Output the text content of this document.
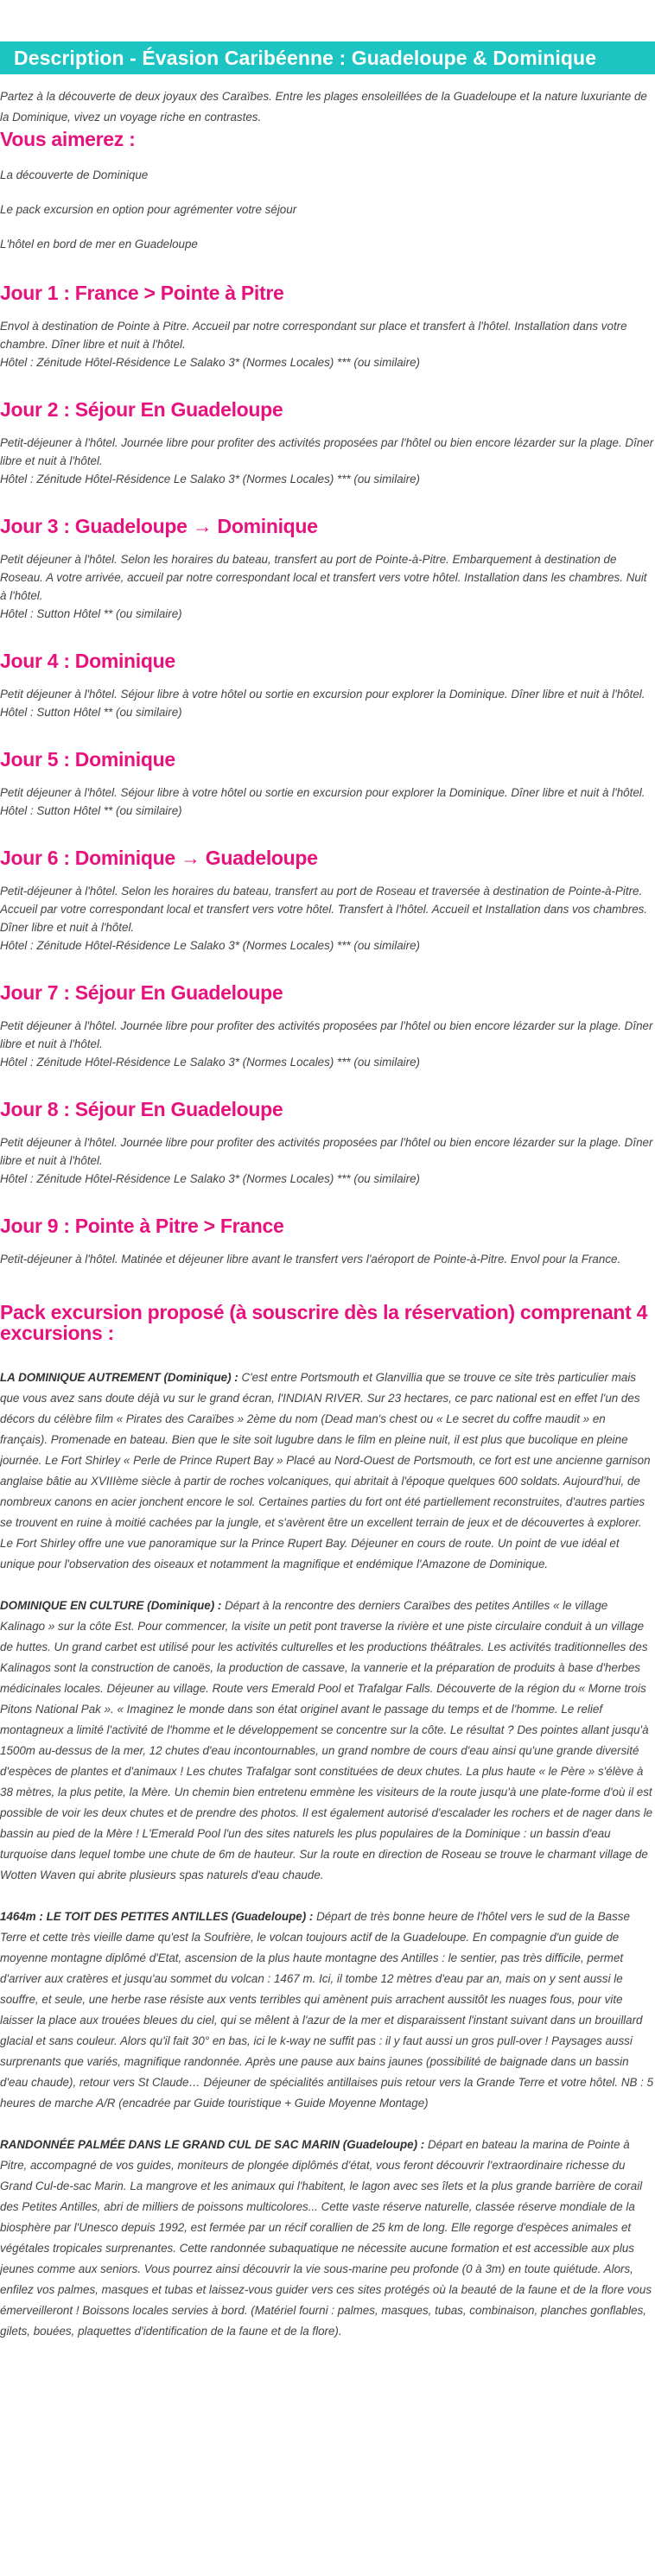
Description - Évasion Caribéenne : Guadeloupe & Dominique

Partez à la découverte de deux joyaux des Caraïbes. Entre les plages ensoleillées de la Guadeloupe et la nature luxuriante de la Dominique, vivez un voyage riche en contrastes.

Vous aimerez :
La découverte de Dominique
Le pack excursion en option pour agrémenter votre séjour
L'hôtel en bord de mer en Guadeloupe
Jour 1 : France > Pointe à Pitre

Envol à destination de Pointe à Pitre. Accueil par notre correspondant sur place et transfert à l'hôtel. Installation dans votre chambre. Dîner libre et nuit à l'hôtel.

Hôtel : Zénitude Hôtel-Résidence Le Salako 3* (Normes Locales) *** (ou similaire)

Jour 2 : Séjour En Guadeloupe

Petit-déjeuner à l'hôtel. Journée libre pour profiter des activités proposées par l'hôtel ou bien encore lézarder sur la plage. Dîner libre et nuit à l'hôtel.

Hôtel : Zénitude Hôtel-Résidence Le Salako 3* (Normes Locales) *** (ou similaire)

Jour 3 : Guadeloupe → Dominique

Petit déjeuner à l'hôtel. Selon les horaires du bateau, transfert au port de Pointe-à-Pitre. Embarquement à destination de Roseau. A votre arrivée, accueil par notre correspondant local et transfert vers votre hôtel. Installation dans les chambres. Nuit à l'hôtel.

Hôtel : Sutton Hôtel ** (ou similaire)

Jour 4 : Dominique

Petit déjeuner à l'hôtel. Séjour libre à votre hôtel ou sortie en excursion pour explorer la Dominique. Dîner libre et nuit à l'hôtel.

Hôtel : Sutton Hôtel ** (ou similaire)

Jour 5 : Dominique

Petit déjeuner à l'hôtel. Séjour libre à votre hôtel ou sortie en excursion pour explorer la Dominique. Dîner libre et nuit à l'hôtel.

Hôtel : Sutton Hôtel ** (ou similaire)

Jour 6 : Dominique → Guadeloupe

Petit-déjeuner à l'hôtel. Selon les horaires du bateau, transfert au port de Roseau et traversée à destination de Pointe-à-Pitre. Accueil par votre correspondant local et transfert vers votre hôtel. Transfert à l'hôtel. Accueil et Installation dans vos chambres. Dîner libre et nuit à l'hôtel.

Hôtel : Zénitude Hôtel-Résidence Le Salako 3* (Normes Locales) *** (ou similaire)

Jour 7 : Séjour En Guadeloupe

Petit déjeuner à l'hôtel. Journée libre pour profiter des activités proposées par l'hôtel ou bien encore lézarder sur la plage. Dîner libre et nuit à l'hôtel.

Hôtel : Zénitude Hôtel-Résidence Le Salako 3* (Normes Locales) *** (ou similaire)

Jour 8 : Séjour En Guadeloupe

Petit déjeuner à l'hôtel. Journée libre pour profiter des activités proposées par l'hôtel ou bien encore lézarder sur la plage. Dîner libre et nuit à l'hôtel.

Hôtel : Zénitude Hôtel-Résidence Le Salako 3* (Normes Locales) *** (ou similaire)

Jour 9 : Pointe à Pitre > France

Petit-déjeuner à l'hôtel. Matinée et déjeuner libre avant le transfert vers l'aéroport de Pointe-à-Pitre. Envol pour la France.

Pack excursion proposé (à souscrire dès la réservation) comprenant 4 excursions :

LA DOMINIQUE AUTREMENT (Dominique) : C'est entre Portsmouth et Glanvillia que se trouve ce site très particulier mais que vous avez sans doute déjà vu sur le grand écran, l'INDIAN RIVER. Sur 23 hectares, ce parc national est en effet l'un des décors du célèbre film « Pirates des Caraïbes » 2ème du nom (Dead man's chest ou « Le secret du coffre maudit » en français). Promenade en bateau. Bien que le site soit lugubre dans le film en pleine nuit, il est plus que bucolique en pleine journée. Le Fort Shirley « Perle de Prince Rupert Bay » Placé au Nord-Ouest de Portsmouth, ce fort est une ancienne garnison anglaise bâtie au XVIIIème siècle à partir de roches volcaniques, qui abritait à l'époque quelques 600 soldats. Aujourd'hui, de nombreux canons en acier jonchent encore le sol. Certaines parties du fort ont été partiellement reconstruites, d'autres parties se trouvent en ruine à moitié cachées par la jungle, et s'avèrent être un excellent terrain de jeux et de découvertes à explorer. Le Fort Shirley offre une vue panoramique sur la Prince Rupert Bay. Déjeuner en cours de route. Un point de vue idéal et unique pour l'observation des oiseaux et notamment la magnifique et endémique l'Amazone de Dominique.

DOMINIQUE EN CULTURE (Dominique) : Départ à la rencontre des derniers Caraïbes des petites Antilles « le village Kalinago » sur la côte Est. Pour commencer, la visite un petit pont traverse la rivière et une piste circulaire conduit à un village de huttes. Un grand carbet est utilisé pour les activités culturelles et les productions théâtrales. Les activités traditionnelles des Kalinagos sont la construction de canoës, la production de cassave, la vannerie et la préparation de produits à base d'herbes médicinales locales. Déjeuner au village. Route vers Emerald Pool et Trafalgar Falls. Découverte de la région du « Morne trois Pitons National Pak ». « Imaginez le monde dans son état originel avant le passage du temps et de l'homme. Le relief montagneux a limité l'activité de l'homme et le développement se concentre sur la côte. Le résultat ? Des pointes allant jusqu'à 1500m au-dessus de la mer, 12 chutes d'eau incontournables, un grand nombre de cours d'eau ainsi qu'une grande diversité d'espèces de plantes et d'animaux ! Les chutes Trafalgar sont constituées de deux chutes. La plus haute « le Père » s'élève à 38 mètres, la plus petite, la Mère. Un chemin bien entretenu emmène les visiteurs de la route jusqu'à une plate-forme d'où il est possible de voir les deux chutes et de prendre des photos. Il est également autorisé d'escalader les rochers et de nager dans le bassin au pied de la Mère ! L'Emerald Pool l'un des sites naturels les plus populaires de la Dominique : un bassin d'eau turquoise dans lequel tombe une chute de 6m de hauteur. Sur la route en direction de Roseau se trouve le charmant village de Wotten Waven qui abrite plusieurs spas naturels d'eau chaude.

1464m : LE TOIT DES PETITES ANTILLES (Guadeloupe) : Départ de très bonne heure de l'hôtel vers le sud de la Basse Terre et cette très vieille dame qu'est la Soufrière, le volcan toujours actif de la Guadeloupe. En compagnie d'un guide de moyenne montagne diplômé d'Etat, ascension de la plus haute montagne des Antilles : le sentier, pas très difficile, permet d'arriver aux cratères et jusqu'au sommet du volcan : 1467 m. Ici, il tombe 12 mètres d'eau par an, mais on y sent aussi le souffre, et seule, une herbe rase résiste aux vents terribles qui amènent puis arrachent aussitôt les nuages fous, pour vite laisser la place aux trouées bleues du ciel, qui se mêlent à l'azur de la mer et disparaissent l'instant suivant dans un brouillard glacial et sans couleur. Alors qu'il fait 30° en bas, ici le k-way ne suffit pas : il y faut aussi un gros pull-over ! Paysages aussi surprenants que variés, magnifique randonnée. Après une pause aux bains jaunes (possibilité de baignade dans un bassin d'eau chaude), retour vers St Claude… Déjeuner de spécialités antillaises puis retour vers la Grande Terre et votre hôtel. NB : 5 heures de marche A/R (encadrée par Guide touristique + Guide Moyenne Montage)

RANDONNÉE PALMÉE DANS LE GRAND CUL DE SAC MARIN (Guadeloupe) : Départ en bateau la marina de Pointe à Pitre, accompagné de vos guides, moniteurs de plongée diplômés d'état, vous feront découvrir l'extraordinaire richesse du Grand Cul-de-sac Marin. La mangrove et les animaux qui l'habitent, le lagon avec ses îlets et la plus grande barrière de corail des Petites Antilles, abri de milliers de poissons multicolores... Cette vaste réserve naturelle, classée réserve mondiale de la biosphère par l'Unesco depuis 1992, est fermée par un récif corallien de 25 km de long. Elle regorge d'espèces animales et végétales tropicales surprenantes. Cette randonnée subaquatique ne nécessite aucune formation et est accessible aux plus jeunes comme aux seniors. Vous pourrez ainsi découvrir la vie sous-marine peu profonde (0 à 3m) en toute quiétude. Alors, enfilez vos palmes, masques et tubas et laissez-vous guider vers ces sites protégés où la beauté de la faune et de la flore vous émerveilleront ! Boissons locales servies à bord. (Matériel fourni : palmes, masques, tubas, combinaison, planches gonflables, gilets, bouées, plaquettes d'identification de la faune et de la flore).
